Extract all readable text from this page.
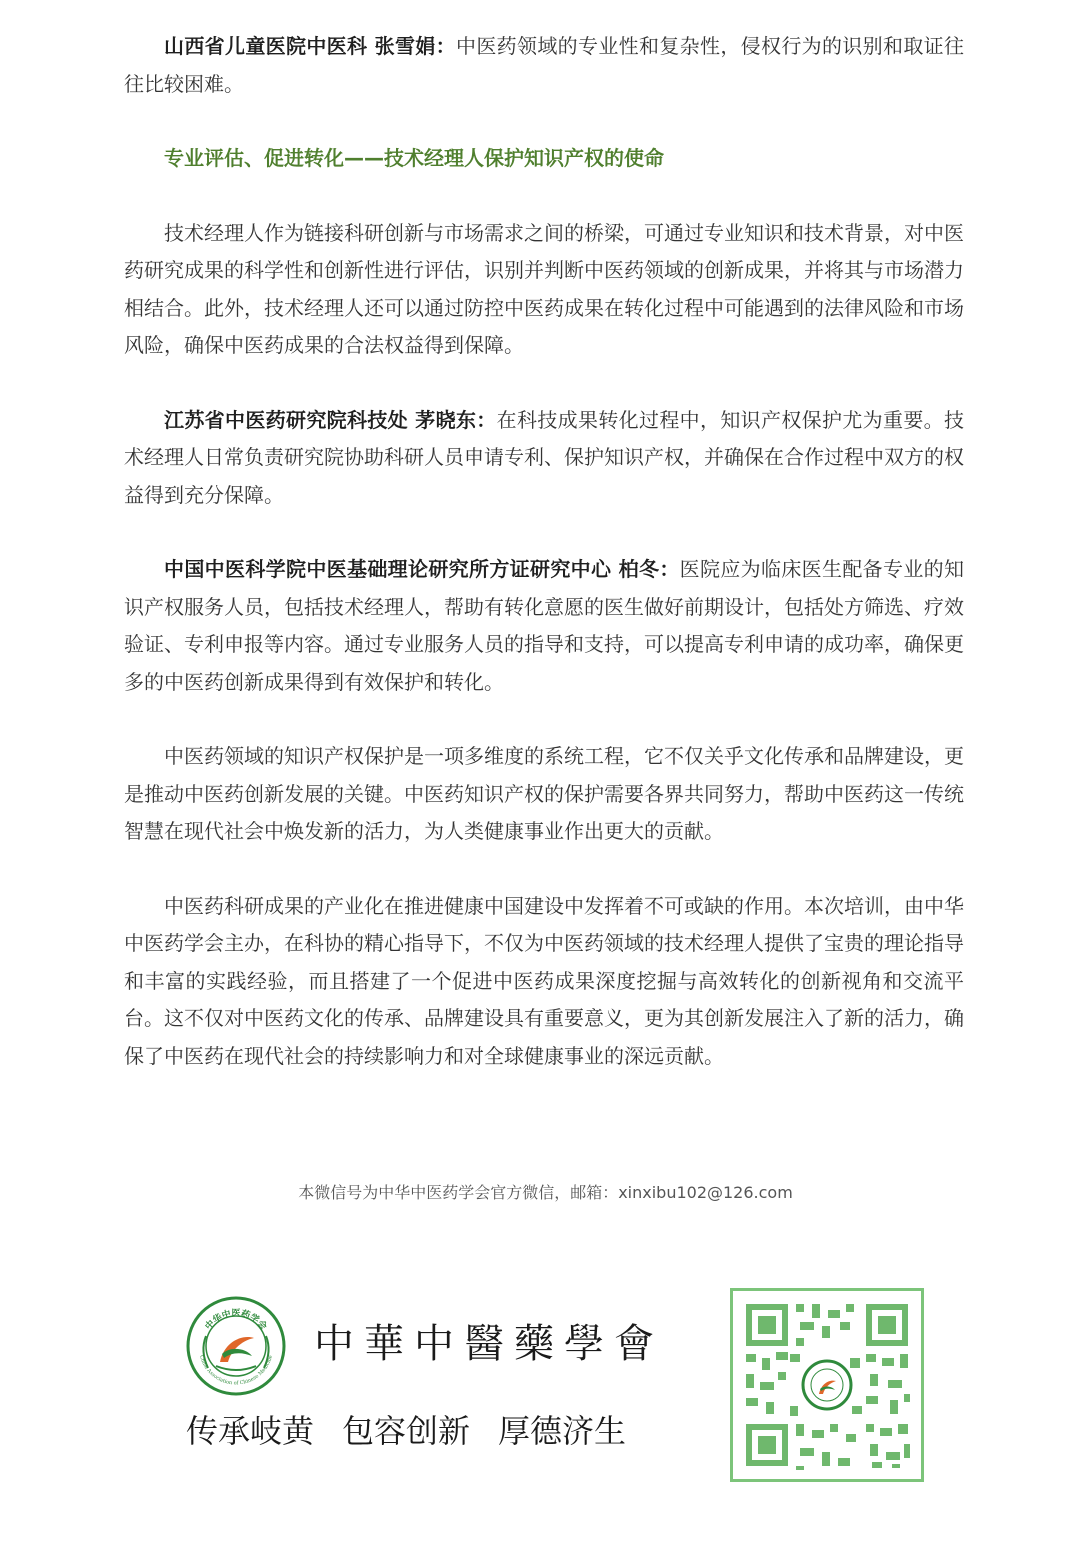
山西省儿童医院中医科 张雪娟：中医药领域的专业性和复杂性，侵权行为的识别和取证往往比较困难。

专业评估、促进转化——技术经理人保护知识产权的使命

技术经理人作为链接科研创新与市场需求之间的桥梁，可通过专业知识和技术背景，对中医药研究成果的科学性和创新性进行评估，识别并判断中医药领域的创新成果，并将其与市场潜力相结合。此外，技术经理人还可以通过防控中医药成果在转化过程中可能遇到的法律风险和市场风险，确保中医药成果的合法权益得到保障。

江苏省中医药研究院科技处 茅晓东：在科技成果转化过程中，知识产权保护尤为重要。技术经理人日常负责研究院协助科研人员申请专利、保护知识产权，并确保在合作过程中双方的权益得到充分保障。

中国中医科学院中医基础理论研究所方证研究中心 柏冬：医院应为临床医生配备专业的知识产权服务人员，包括技术经理人，帮助有转化意愿的医生做好前期设计，包括处方筛选、疗效验证、专利申报等内容。通过专业服务人员的指导和支持，可以提高专利申请的成功率，确保更多的中医药创新成果得到有效保护和转化。

中医药领域的知识产权保护是一项多维度的系统工程，它不仅关乎文化传承和品牌建设，更是推动中医药创新发展的关键。中医药知识产权的保护需要各界共同努力，帮助中医药这一传统智慧在现代社会中焕发新的活力，为人类健康事业作出更大的贡献。

中医药科研成果的产业化在推进健康中国建设中发挥着不可或缺的作用。本次培训，由中华中医药学会主办，在科协的精心指导下，不仅为中医药领域的技术经理人提供了宝贵的理论指导和丰富的实践经验，而且搭建了一个促进中医药成果深度挖掘与高效转化的创新视角和交流平台。这不仅对中医药文化的传承、品牌建设具有重要意义，更为其创新发展注入了新的活力，确保了中医药在现代社会的持续影响力和对全球健康事业的深远贡献。

本微信号为中华中医药学会官方微信，邮箱：xinxibu102@126.com
中华中医药学会
China Association of Chinese Medicine 中華中醫藥學會
传承岐黄 包容创新 厚德济生
